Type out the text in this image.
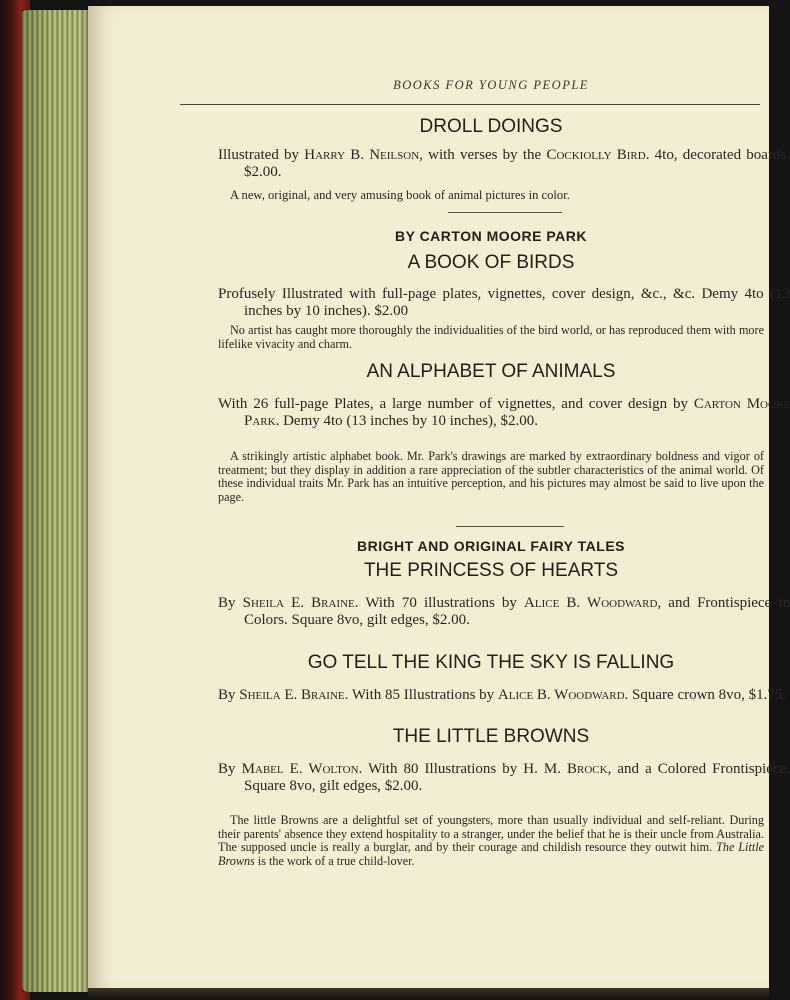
BOOKS FOR YOUNG PEOPLE
DROLL DOINGS
Illustrated by Harry B. Neilson, with verses by the Cockiolly Bird. 4to, decorated boards. $2.00.
A new, original, and very amusing book of animal pictures in color.
BY CARTON MOORE PARK
A BOOK OF BIRDS
Profusely Illustrated with full-page plates, vignettes, cover design, &c., &c. Demy 4to (13 inches by 10 inches). $2.00
No artist has caught more thoroughly the individualities of the bird world, or has reproduced them with more lifelike vivacity and charm.
AN ALPHABET OF ANIMALS
With 26 full-page Plates, a large number of vignettes, and cover design by Carton Moore Park. Demy 4to (13 inches by 10 inches), $2.00.
A strikingly artistic alphabet book. Mr. Park's drawings are marked by extraordinary boldness and vigor of treatment; but they display in addition a rare appreciation of the subtler characteristics of the animal world. Of these individual traits Mr. Park has an intuitive perception, and his pictures may almost be said to live upon the page.
BRIGHT AND ORIGINAL FAIRY TALES
THE PRINCESS OF HEARTS
By Sheila E. Braine. With 70 illustrations by Alice B. Woodward, and Frontispiece in Colors. Square 8vo, gilt edges, $2.00.
GO TELL THE KING THE SKY IS FALLING
By Sheila E. Braine. With 85 Illustrations by Alice B. Woodward. Square crown 8vo, $1.75.
THE LITTLE BROWNS
By Mabel E. Wolton. With 80 Illustrations by H. M. Brock, and a Colored Frontispiece. Square 8vo, gilt edges, $2.00.
The little Browns are a delightful set of youngsters, more than usually individual and self-reliant. During their parents' absence they extend hospitality to a stranger, under the belief that he is their uncle from Australia. The supposed uncle is really a burglar, and by their courage and childish resource they outwit him. The Little Browns is the work of a true child-lover.
